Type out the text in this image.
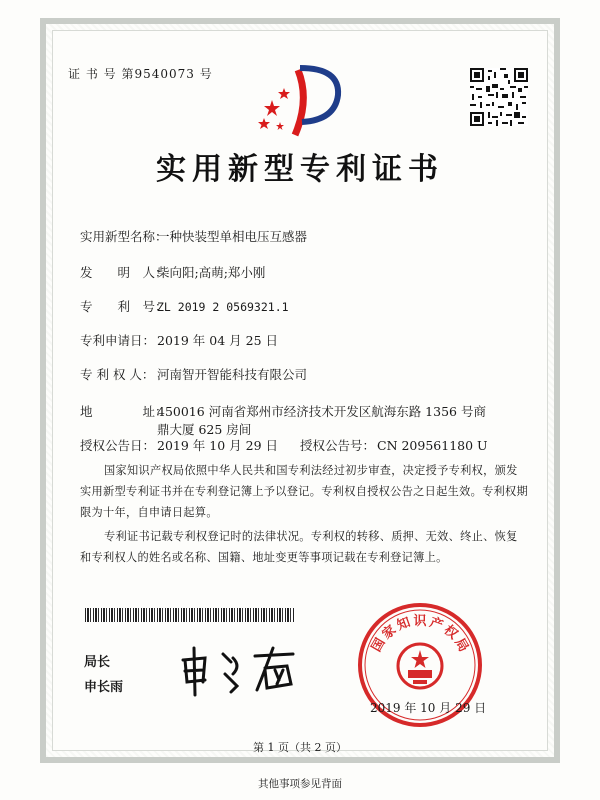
证 书 号 第9540073 号
实用新型专利证书
实用新型名称：
一种快装型单相电压互感器
发　　明　人：
柴向阳;高萌;郑小刚
专　　利　号：
ZL 2019 2 0569321.1
专利申请日： 2019 年 04 月 25 日
专 利 权 人： 河南智开智能科技有限公司
地　　　　址：
450016 河南省郑州市经济技术开发区航海东路 1356 号商
鼎大厦 625 房间
授权公告日： 2019 年 10 月 29 日 授权公告号： CN 209561180 U
国家知识产权局依照中华人民共和国专利法经过初步审查，决定授予专利权，颁发实用新型专利证书并在专利登记簿上予以登记。专利权自授权公告之日起生效。专利权期限为十年，自申请日起算。
专利证书记载专利权登记时的法律状况。专利权的转移、质押、无效、终止、恢复和专利权人的姓名或名称、国籍、地址变更等事项记载在专利登记簿上。
局长
申长雨
国
家
知 识 产
权
局
2019 年 10 月 29 日
第 1 页（共 2 页）
其他事项参见背面
